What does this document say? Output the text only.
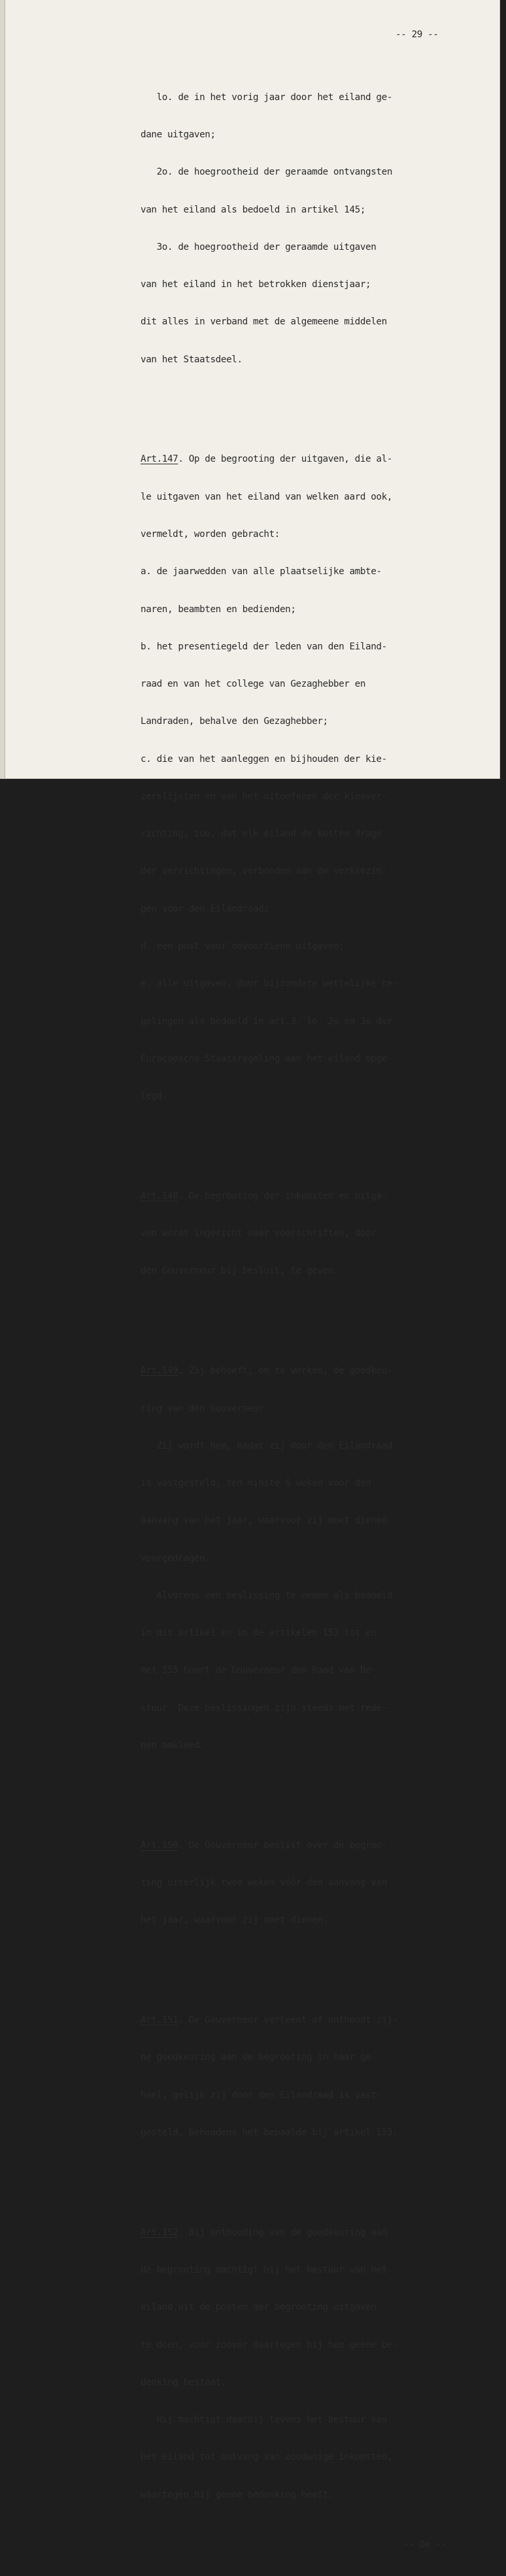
-- 29 --

lo. de in het vorig jaar door het eiland ge-

dane uitgaven;

2o. de hoegrootheid der geraamde ontvangsten

van het eiland als bedoeld in artikel 145;

3o. de hoegrootheid der geraamde uitgaven

van het eiland in het betrokken dienstjaar;

dit alles in verband met de algemeene middelen

van het Staatsdeel.

Art.147. Op de begrooting der uitgaven, die al-

le uitgaven van het eiland van welken aard ook,

vermeldt, worden gebracht:

a. de jaarwedden van alle plaatselijke ambte-

naren, beambten en bedienden;

b. het presentiegeld der leden van den Eiland-

raad en van het college van Gezaghebber en

Landraden, behalve den Gezaghebber;

c. die van het aanleggen en bijhouden der kie-

zerslijsten en van het uitoefenen der kiesver-

richting, zoo, dat elk eiland de kosten drage

der verrichtingen, verbonden aan de verkiezin-

gen voor den Eilandraad;

d. een post voor onvoorziene uitgaven;

e. alle uitgaven, door bijzondere wettelijke re-

gelingen als bedoeld in art.3, lo, 2o en 3o der

Curaçaosche Staatsregeling aan het eiland opge-

legd.

Art.148. De begrooting der inkomsten en uitga-

ven wordt ingericht naar voorschriften, door

den Gouverneur bij besluit, te geven.

Art.149. Zij behoeft, om te werken, de goedkeu-

ring van den Gouverneur.

Zij wordt hem, nadat zij door den Eilandraad

is vastgesteld, ten minste 6 weken voor den

aanvang van het jaar, waarvoor zij moet dienen

voorgedragen.

Alvorens een beslissing te nemen als bedoeld

in dit artikel en in de artikelen 152 tot en

met 155 hoort de Gouverneur den Raad van Be-

stuur. Deze beslissingen zijn steeds met rede-

nen omkleed.

Art.150. De Gouverneur beslist over de begroo-

ting uiterlijk twee weken vóór den aanvang van

het jaar, waarvoor zij moet dienen.

Art.151. De Gouverneur verleent of onthoudt zij-

ne goedkeuring aan de begrooting in haar ge-

heel, gelijk zij door den Eilandraad is vast-

gesteld, behoudens het bepaalde bij artikel 153.

Art.152. Bij onthouding van de goedkeuring aan

de begrooting machtigt hij het bestuur van het

eiland,uit de posten der begrooting uitgaven

te doen, voor zoover daartegen bij hem geene be-

denking bestaat.

Hij machtigt daarbij tevens het bestuur van

het eiland tot ontvang van zoodanige inkomsten,

waartegen hij geene bedenking heeft.

-- De --
